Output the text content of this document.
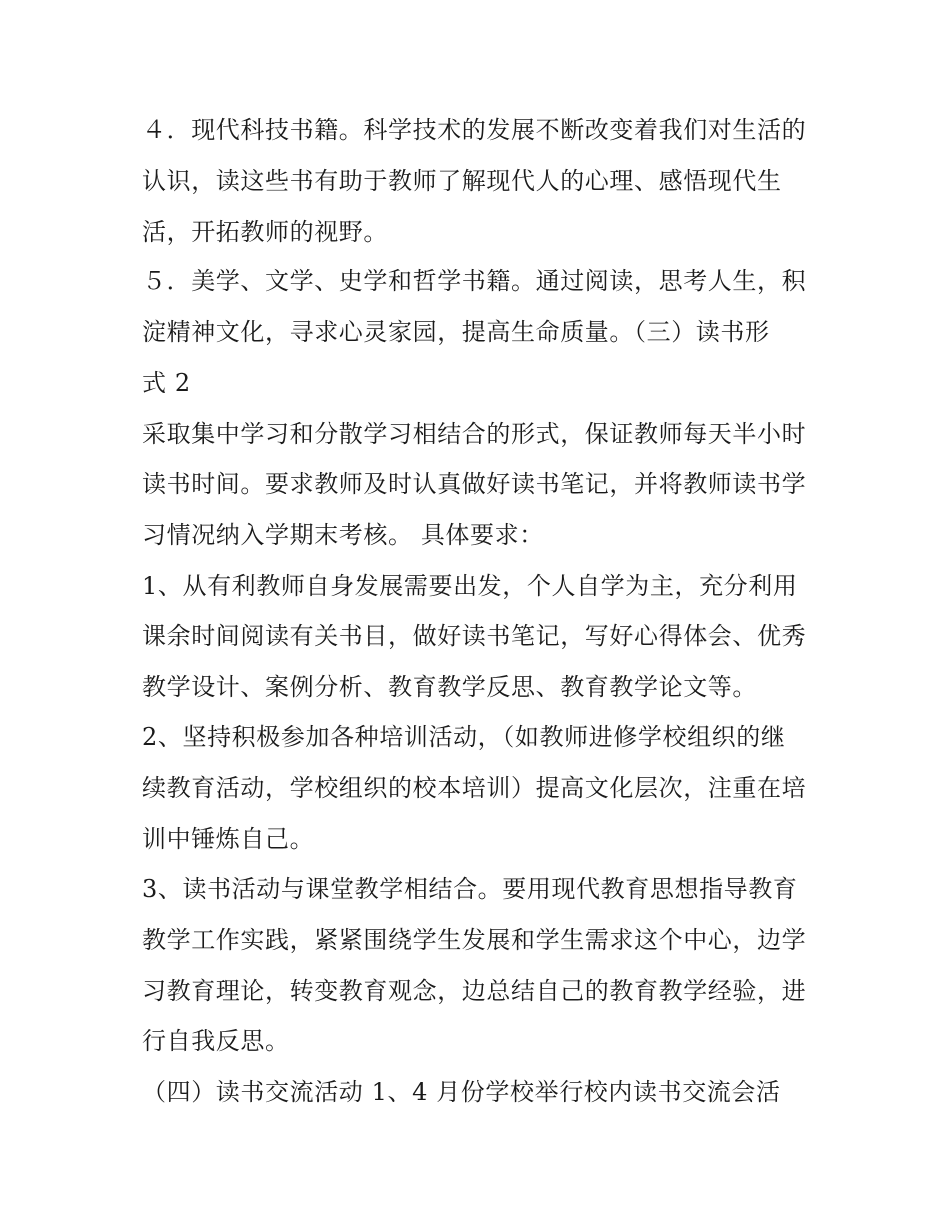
４．现代科技书籍。科学技术的发展不断改变着我们对生活的
认识，读这些书有助于教师了解现代人的心理、感悟现代生
活，开拓教师的视野。
５．美学、文学、史学和哲学书籍。通过阅读，思考人生，积
淀精神文化，寻求心灵家园，提高生命质量。（三）读书形
式 2
采取集中学习和分散学习相结合的形式，保证教师每天半小时
读书时间。要求教师及时认真做好读书笔记，并将教师读书学
习情况纳入学期末考核。 具体要求：
1、从有利教师自身发展需要出发，个人自学为主，充分利用
课余时间阅读有关书目，做好读书笔记，写好心得体会、优秀
教学设计、案例分析、教育教学反思、教育教学论文等。
2、坚持积极参加各种培训活动，（如教师进修学校组织的继
续教育活动，学校组织的校本培训）提高文化层次，注重在培
训中锤炼自己。
3、读书活动与课堂教学相结合。要用现代教育思想指导教育
教学工作实践，紧紧围绕学生发展和学生需求这个中心，边学
习教育理论，转变教育观念，边总结自己的教育教学经验，进
行自我反思。
（四）读书交流活动 1、4 月份学校举行校内读书交流会活
